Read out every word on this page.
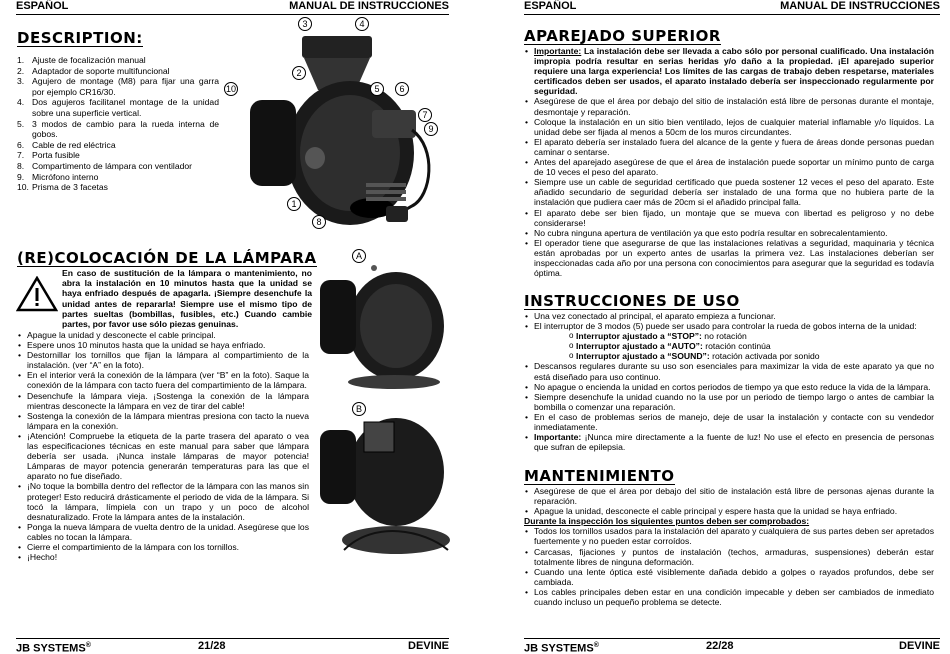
ESPAÑOL	MANUAL DE INSTRUCCIONES
DESCRIPTION:
1. Ajuste de focalización manual
2. Adaptador de soporte multifuncional
3. Agujero de montage (M8) para fijar una garra por ejemplo CR16/30.
4. Dos agujeros facilitanel montage de la unidad sobre una superficie vertical.
5. 3 modos de cambio para la rueda interna de gobos.
6. Cable de red eléctrica
7. Porta fusible
8. Compartimento de lámpara con ventilador
9. Micrófono interno
10. Prisma de 3 facetas
1
2
3	4
5	6
7
8
9
10
(RE)COLOCACIÓN DE LA LÁMPARA
En caso de sustitución de la lámpara o mantenimiento, no abra la instalación en 10 minutos hasta que la unidad se haya enfriado después de apagarla. ¡Siempre desenchufe la unidad antes de repararla! Siempre use el mismo tipo de partes sueltas (bombillas, fusibles, etc.) Cuando cambie partes, por favor use sólo piezas genuinas.
• Apague la unidad y desconecte el cable principal.
• Espere unos 10 minutos hasta que la unidad se haya enfriado.
• Destornillar los tornillos que fijan la lámpara al compartimiento de la instalación. (ver “A” en la foto).
• En el interior verá la conexión de la lámpara (ver “B” en la foto). Saque la conexión de la lámpara con tacto fuera del compartimiento de la lámpara.
• Desenchufe la lámpara vieja. ¡Sostenga la conexión de la lámpara mientras desconecte la lámpara en vez de tirar del cable!
• Sostenga la conexión de la lámpara mientras presiona con tacto la nueva lámpara en la conexión.
• ¡Atención! Compruebe la etiqueta de la parte trasera del aparato o vea las especificaciones técnicas en este manual para saber que lámpara debería ser usada. ¡Nunca instale lámparas de mayor potencia! Lámparas de mayor potencia generarán temperaturas para las que el aparato no fue diseñado.
• ¡No toque la bombilla dentro del reflector de la lámpara con las manos sin proteger! Esto reducirá drásticamente el periodo de vida de la lámpara. Si tocó la lámpara, límpiela con un trapo y un poco de alcohol desnaturalizado. Frote la lámpara antes de la instalación.
• Ponga la nueva lámpara de vuelta dentro de la unidad. Asegúrese que los cables no tocan la lámpara.
• Cierre el compartimiento de la lámpara con los tornillos.
• ¡Hecho!
A
B
JB SYSTEMS®	21/28	DEVINE
ESPAÑOL	MANUAL DE INSTRUCCIONES
APAREJADO SUPERIOR
• Importante: La instalación debe ser llevada a cabo sólo por personal cualificado. Una instalación impropia podría resultar en serias heridas y/o daño a la propiedad. ¡El aparejado superior requiere una larga experiencia! Los límites de las cargas de trabajo deben respetarse, materiales certificados deben ser usados, el aparato instalado debería ser inspeccionado regularmente por seguridad.
• Asegúrese de que el área por debajo del sitio de instalación está libre de personas durante el montaje, desmontaje y reparación.
• Coloque la instalación en un sitio bien ventilado, lejos de cualquier material inflamable y/o líquidos. La unidad debe ser fijada al menos a 50cm de los muros circundantes.
• El aparato debería ser instalado fuera del alcance de la gente y fuera de áreas donde personas puedan caminar o sentarse.
• Antes del aparejado asegúrese de que el área de instalación puede soportar un mínimo punto de carga de 10 veces el peso del aparato.
• Siempre use un cable de seguridad certificado que pueda sostener 12 veces el peso del aparato. Este añadido secundario de seguridad debería ser instalado de una forma que no hubiera parte de la instalación que pudiera caer más de 20cm si el añadido principal falla.
• El aparato debe ser bien fijado, un montaje que se mueva con libertad es peligroso y no debe considerarse!
• No cubra ninguna apertura de ventilación ya que esto podría resultar en sobrecalentamiento.
• El operador tiene que asegurarse de que las instalaciones relativas a seguridad, maquinaria y técnica están aprobadas por un experto antes de usarlas la primera vez. Las instalaciones deberían ser inspeccionadas cada año por una persona con conocimientos para asegurar que la seguridad es todavía óptima.
INSTRUCCIONES DE USO
• Una vez conectado al principal, el aparato empieza a funcionar.
• El interruptor de 3 modos (5) puede ser usado para controlar la rueda de gobos interna de la unidad:
o Interruptor ajustado a “STOP”: no rotación
o Interruptor ajustado a “AUTO”: rotación continúa
o Interruptor ajustado a “SOUND”: rotación activada por sonido
• Descansos regulares durante su uso son esenciales para maximizar la vida de este aparato ya que no está diseñado para uso continuo.
• No apague o encienda la unidad en cortos periodos de tiempo ya que esto reduce la vida de la lámpara.
• Siempre desenchufe la unidad cuando no la use por un periodo de tiempo largo o antes de cambiar la bombilla o comenzar una reparación.
• En el caso de problemas serios de manejo, deje de usar la instalación y contacte con su vendedor inmediatamente.
• Importante: ¡Nunca mire directamente a la fuente de luz! No use el efecto en presencia de personas que sufran de epilepsia.
MANTENIMIENTO
• Asegúrese de que el área por debajo del sitio de instalación está libre de personas ajenas durante la reparación.
• Apague la unidad, desconecte el cable principal y espere hasta que la unidad se haya enfriado.
Durante la inspección los siguientes puntos deben ser comprobados:
• Todos los tornillos usados para la instalación del aparato y cualquiera de sus partes deben ser apretados fuertemente y no pueden estar corroídos.
• Carcasas, fijaciones y puntos de instalación (techos, armaduras, suspensiones) deberán estar totalmente libres de ninguna deformación.
• Cuando una lente óptica esté visiblemente dañada debido a golpes o rayados profundos, debe ser cambiada.
• Los cables principales deben estar en una condición impecable y deben ser cambiados de inmediato cuando incluso un pequeño problema se detecte.
JB SYSTEMS®	22/28	DEVINE
